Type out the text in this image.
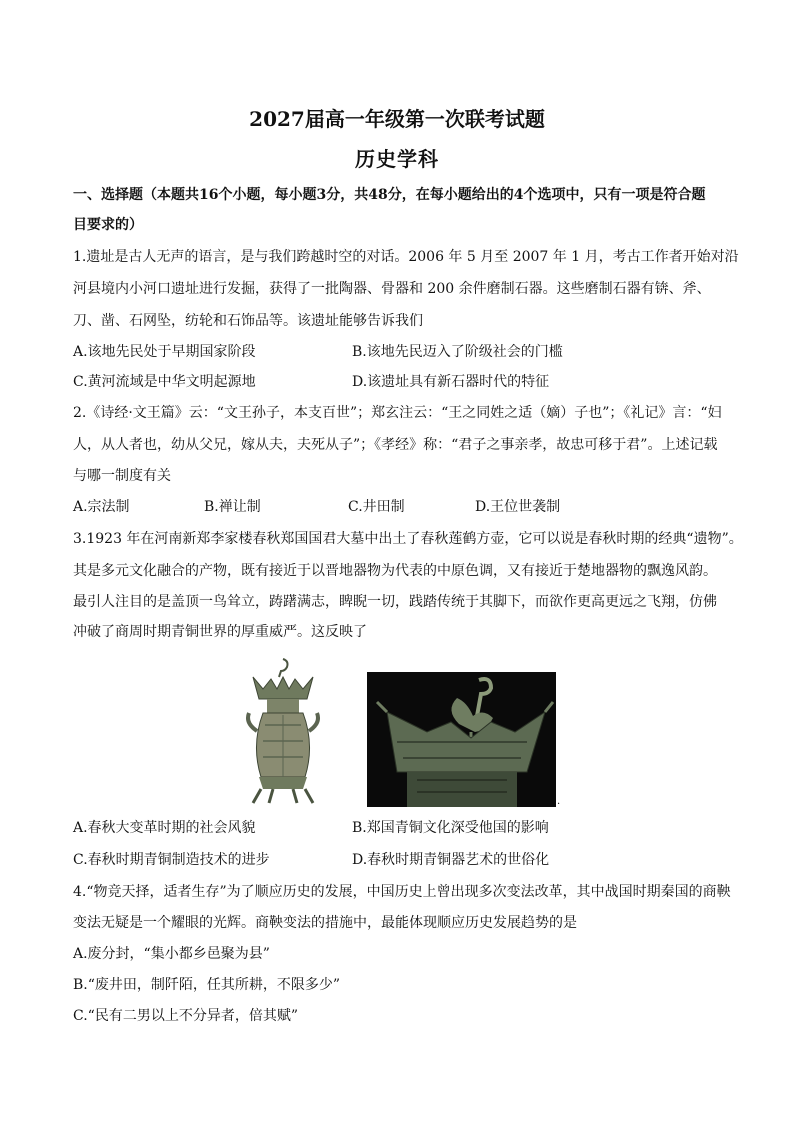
2027届高一年级第一次联考试题
历史学科
一、选择题（本题共16个小题，每小题3分，共48分，在每小题给出的4个选项中，只有一项是符合题
目要求的）
1.遗址是古人无声的语言，是与我们跨越时空的对话。2006 年 5 月至 2007 年 1 月，考古工作者开始对沿
河县境内小河口遗址进行发掘，获得了一批陶器、骨器和 200 余件磨制石器。这些磨制石器有锛、斧、
刀、凿、石网坠，纺轮和石饰品等。该遗址能够告诉我们
A.该地先民处于早期国家阶段	B.该地先民迈入了阶级社会的门槛
C.黄河流域是中华文明起源地	D.该遗址具有新石器时代的特征
2.《诗经·文王篇》云：“文王孙子，本支百世”；郑玄注云：“王之同姓之适（嫡）子也”；《礼记》言：“妇
人，从人者也，幼从父兄，嫁从夫，夫死从子”；《孝经》称：“君子之事亲孝，故忠可移于君”。上述记载
与哪一制度有关
A.宗法制	B.禅让制	C.井田制	D.王位世袭制
3.1923 年在河南新郑李家楼春秋郑国国君大墓中出土了春秋莲鹤方壶，它可以说是春秋时期的经典“遗物”。
其是多元文化融合的产物，既有接近于以晋地器物为代表的中原色调，又有接近于楚地器物的飘逸风韵。
最引人注目的是盖顶一鸟耸立，踌躇满志，睥睨一切，践踏传统于其脚下，而欲作更高更远之飞翔，仿佛
冲破了商周时期青铜世界的厚重威严。这反映了
.
A.春秋大变革时期的社会风貌	B.郑国青铜文化深受他国的影响
C.春秋时期青铜制造技术的进步	D.春秋时期青铜器艺术的世俗化
4.“物竞天择，适者生存”为了顺应历史的发展，中国历史上曾出现多次变法改革，其中战国时期秦国的商鞅
变法无疑是一个耀眼的光辉。商鞅变法的措施中，最能体现顺应历史发展趋势的是
A.废分封，“集小都乡邑聚为县”
B.“废井田，制阡陌，任其所耕，不限多少”
C.“民有二男以上不分异者，倍其赋”
